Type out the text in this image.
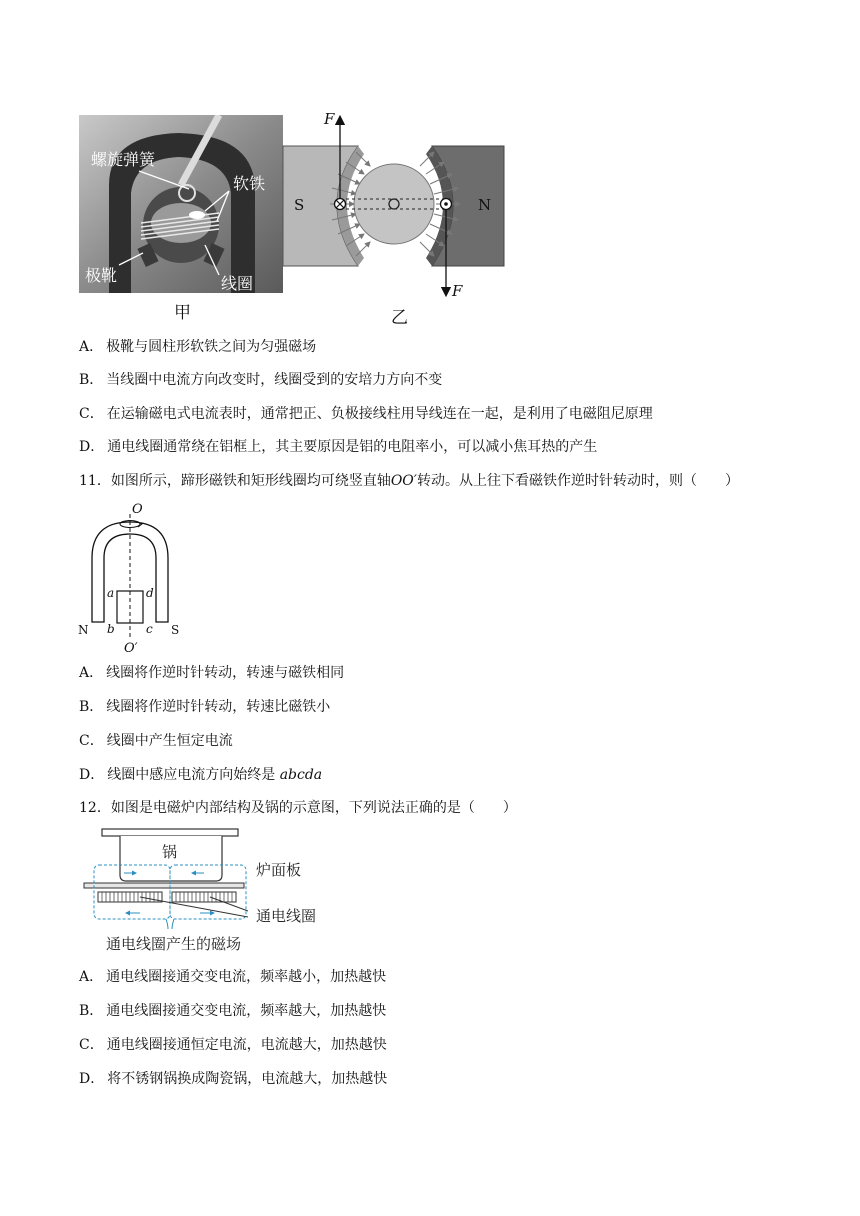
螺旋弹簧
软铁
极靴	线圈
甲
F
F
S	N
乙
A． 极靴与圆柱形软铁之间为匀强磁场
B． 当线圈中电流方向改变时，线圈受到的安培力方向不变
C． 在运输磁电式电流表时，通常把正、负极接线柱用导线连在一起，是利用了电磁阻尼原理
D． 通电线圈通常绕在铝框上，其主要原因是铝的电阻率小，可以减小焦耳热的产生
11．如图所示，蹄形磁铁和矩形线圈均可绕竖直轴OO′转动。从上往下看磁铁作逆时针转动时，则（　　）
O
O′
a
b	c
d
N	S
A． 线圈将作逆时针转动，转速与磁铁相同
B． 线圈将作逆时针转动，转速比磁铁小
C． 线圈中产生恒定电流
D． 线圈中感应电流方向始终是 abcda
12．如图是电磁炉内部结构及锅的示意图，下列说法正确的是（　　）
锅
炉面板
通电线圈
通电线圈产生的磁场
A． 通电线圈接通交变电流，频率越小，加热越快
B． 通电线圈接通交变电流，频率越大，加热越快
C． 通电线圈接通恒定电流，电流越大，加热越快
D． 将不锈钢锅换成陶瓷锅，电流越大，加热越快
